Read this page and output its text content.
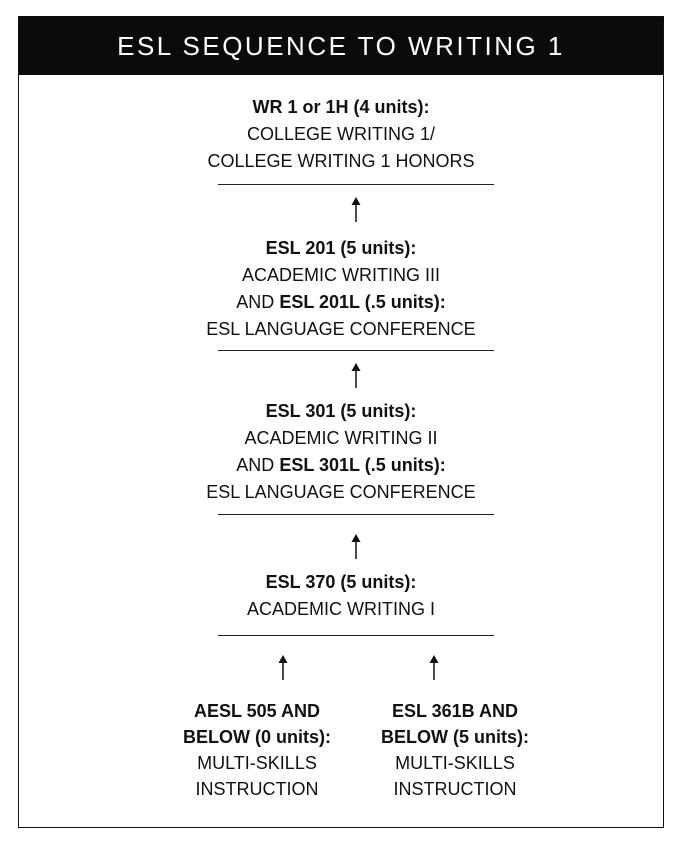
ESL SEQUENCE TO WRITING 1
WR 1 or 1H (4 units):
COLLEGE WRITING 1/
COLLEGE WRITING 1 HONORS
ESL 201 (5 units):
ACADEMIC WRITING III
AND ESL 201L (.5 units):
ESL LANGUAGE CONFERENCE
ESL 301 (5 units):
ACADEMIC WRITING II
AND ESL 301L (.5 units):
ESL LANGUAGE CONFERENCE
ESL 370 (5 units):
ACADEMIC WRITING I
AESL 505 AND
BELOW (0 units):
MULTI-SKILLS
INSTRUCTION
ESL 361B AND
BELOW (5 units):
MULTI-SKILLS
INSTRUCTION
